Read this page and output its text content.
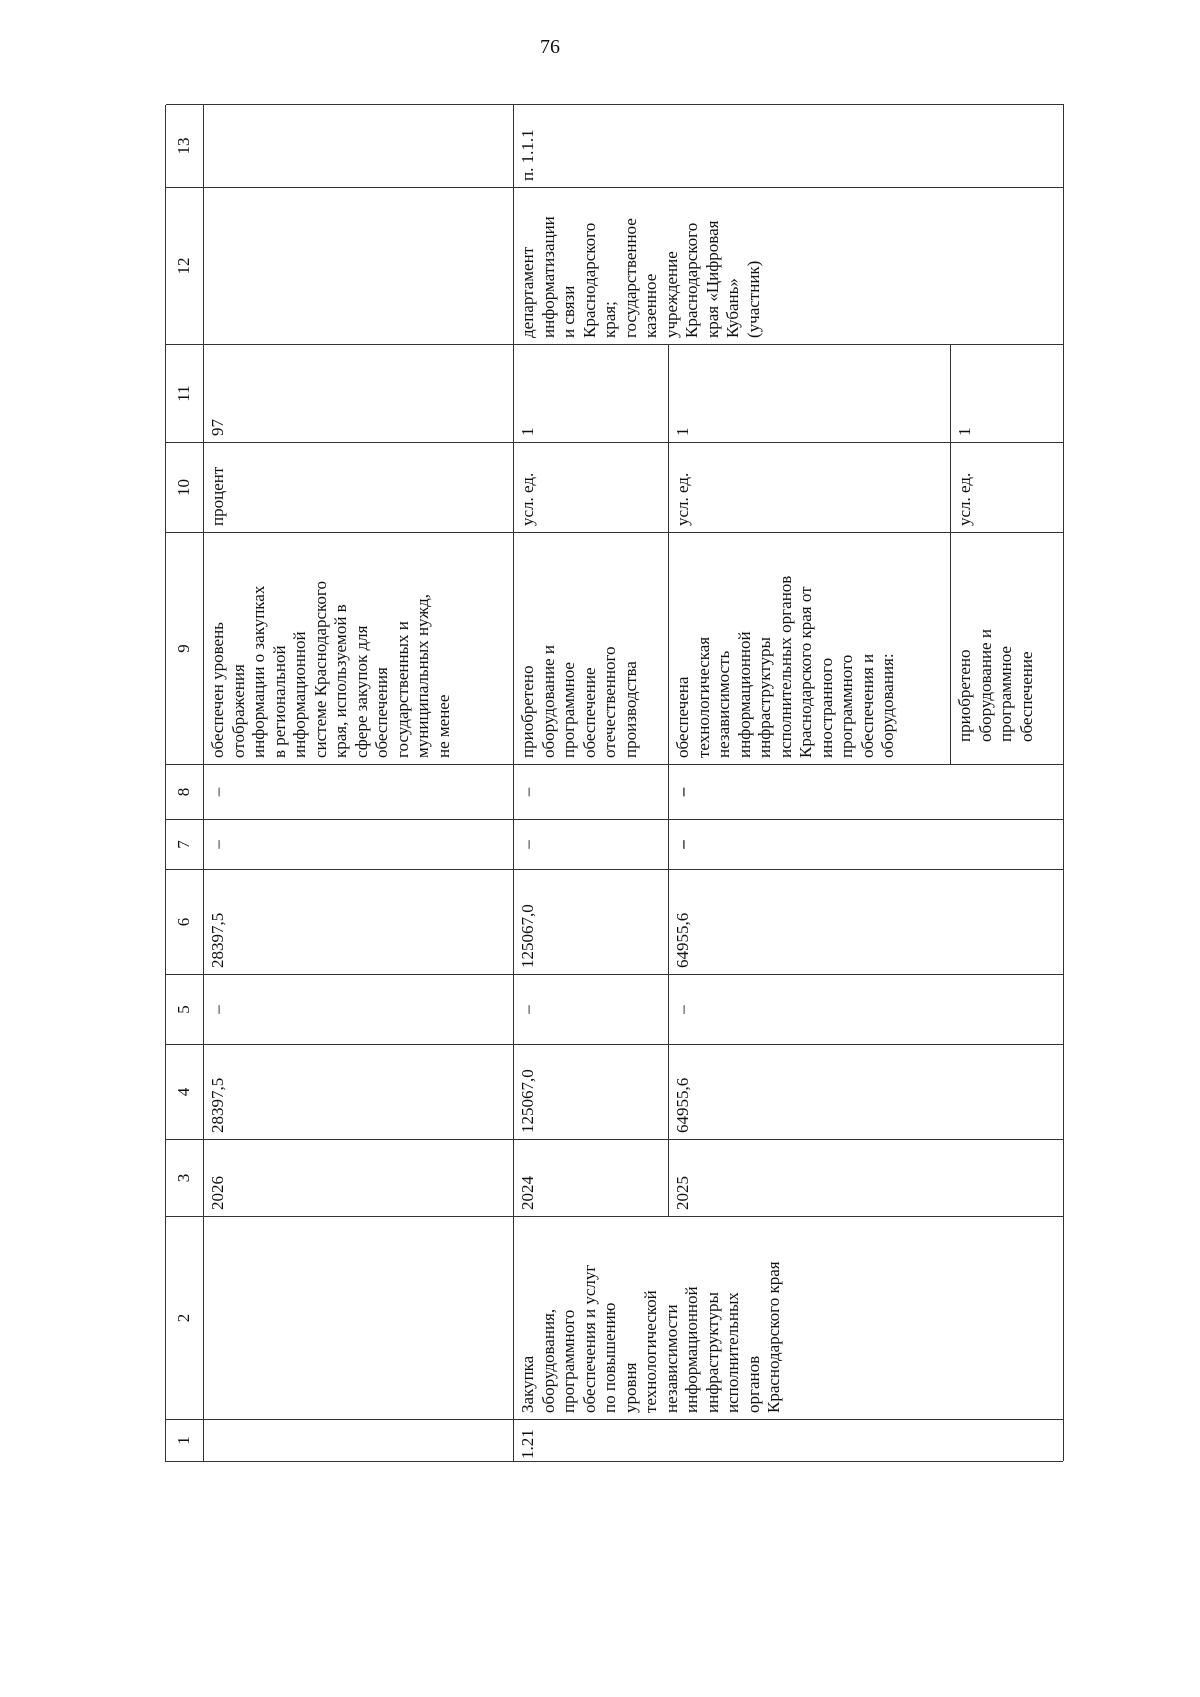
76
1
2
3
4
5
6
7
8
9
10
11
12
13
2026
28397,5
–
28397,5
–
–
обеспечен уровень
отображения
информации о закупках
в региональной
информационной
системе Краснодарского
края, используемой в
сфере закупок для
обеспечения
государственных и
муниципальных нужд,
не менее
процент
97
1.21
Закупка
оборудования,
программного
обеспечения и услуг
по повышению
уровня
технологической
независимости
информационной
инфраструктуры
исполнительных
органов
Краснодарского края
2024
125067,0
–
125067,0
–
–
приобретено
оборудование и
программное
обеспечение
отечественного
производства
усл. ед.
1
2025
64955,6
–
64955,6
–
–
обеспечена
технологическая
независимость
информационной
инфраструктуры
исполнительных органов
Краснодарского края от
иностранного
программного
обеспечения и
оборудования:
усл. ед.
1
приобретено
оборудование и
программное
обеспечение
усл. ед.
1
департамент
информатизации
и связи
Краснодарского
края;
государственное
казенное
учреждение
Краснодарского
края «Цифровая
Кубань»
(участник)
п. 1.1.1
